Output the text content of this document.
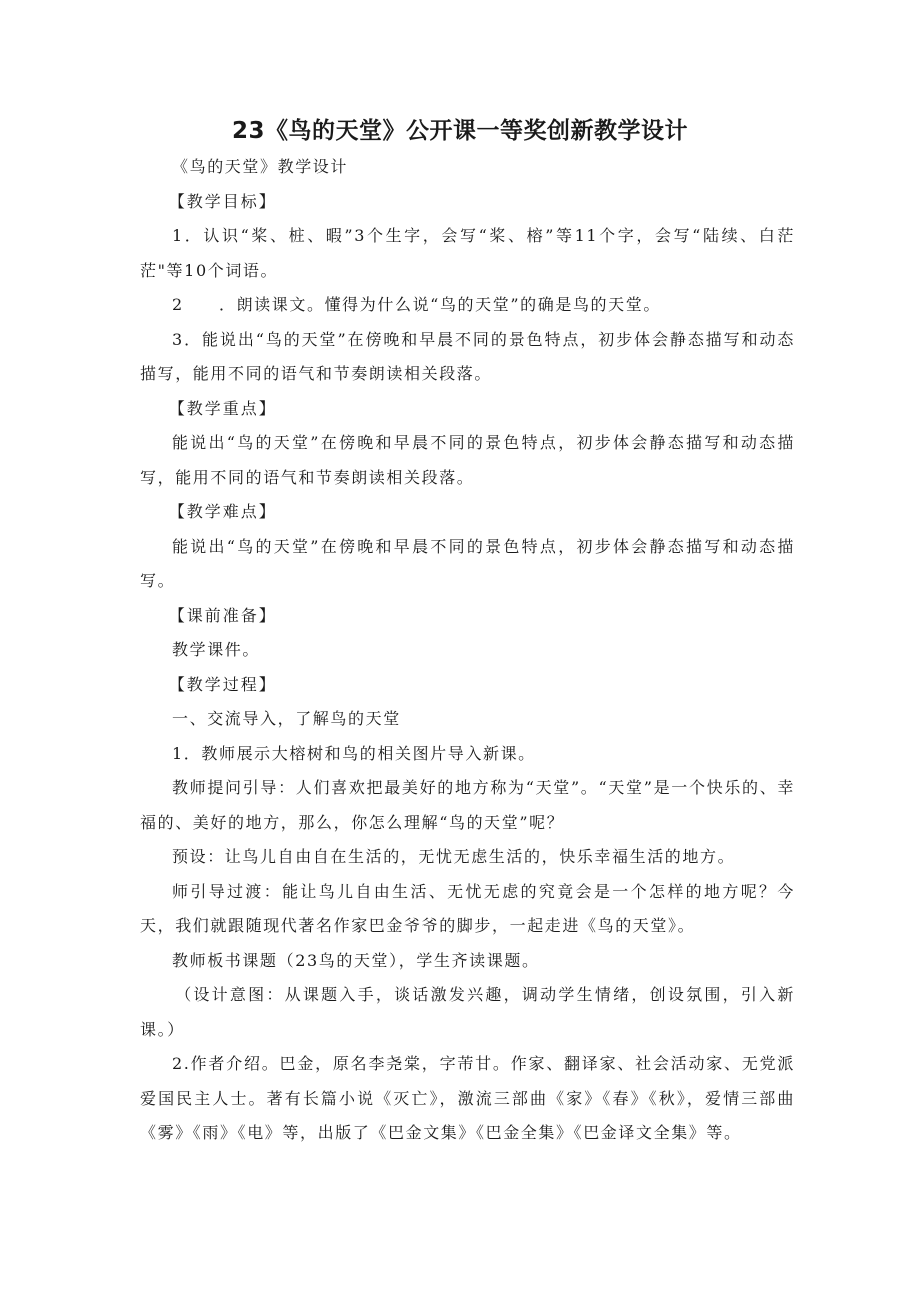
23《鸟的天堂》公开课一等奖创新教学设计

《鸟的天堂》教学设计

【教学目标】

1．认识“桨、桩、暇”3个生字，会写“桨、榕”等11个字，会写“陆续、白茫茫"等10个词语。

2　　．朗读课文。懂得为什么说“鸟的天堂”的确是鸟的天堂。

3．能说出“鸟的天堂”在傍晚和早晨不同的景色特点，初步体会静态描写和动态描写，能用不同的语气和节奏朗读相关段落。

【教学重点】

能说出“鸟的天堂”在傍晚和早晨不同的景色特点，初步体会静态描写和动态描写，能用不同的语气和节奏朗读相关段落。

【教学难点】

能说出“鸟的天堂”在傍晚和早晨不同的景色特点，初步体会静态描写和动态描写。

【课前准备】

教学课件。

【教学过程】

一、交流导入，了解鸟的天堂

1．教师展示大榕树和鸟的相关图片导入新课。

教师提问引导：人们喜欢把最美好的地方称为“天堂”。“天堂”是一个快乐的、幸福的、美好的地方，那么，你怎么理解“鸟的天堂”呢？

预设：让鸟儿自由自在生活的，无忧无虑生活的，快乐幸福生活的地方。

师引导过渡：能让鸟儿自由生活、无忧无虑的究竟会是一个怎样的地方呢？今天，我们就跟随现代著名作家巴金爷爷的脚步，一起走进《鸟的天堂》。

教师板书课题（23鸟的天堂），学生齐读课题。

（设计意图：从课题入手，谈话激发兴趣，调动学生情绪，创设氛围，引入新课。）

2.作者介绍。巴金，原名李尧棠，字芾甘。作家、翻译家、社会活动家、无党派爱国民主人士。著有长篇小说《灭亡》，激流三部曲《家》《春》《秋》，爱情三部曲《雾》《雨》《电》等，出版了《巴金文集》《巴金全集》《巴金译文全集》等。
